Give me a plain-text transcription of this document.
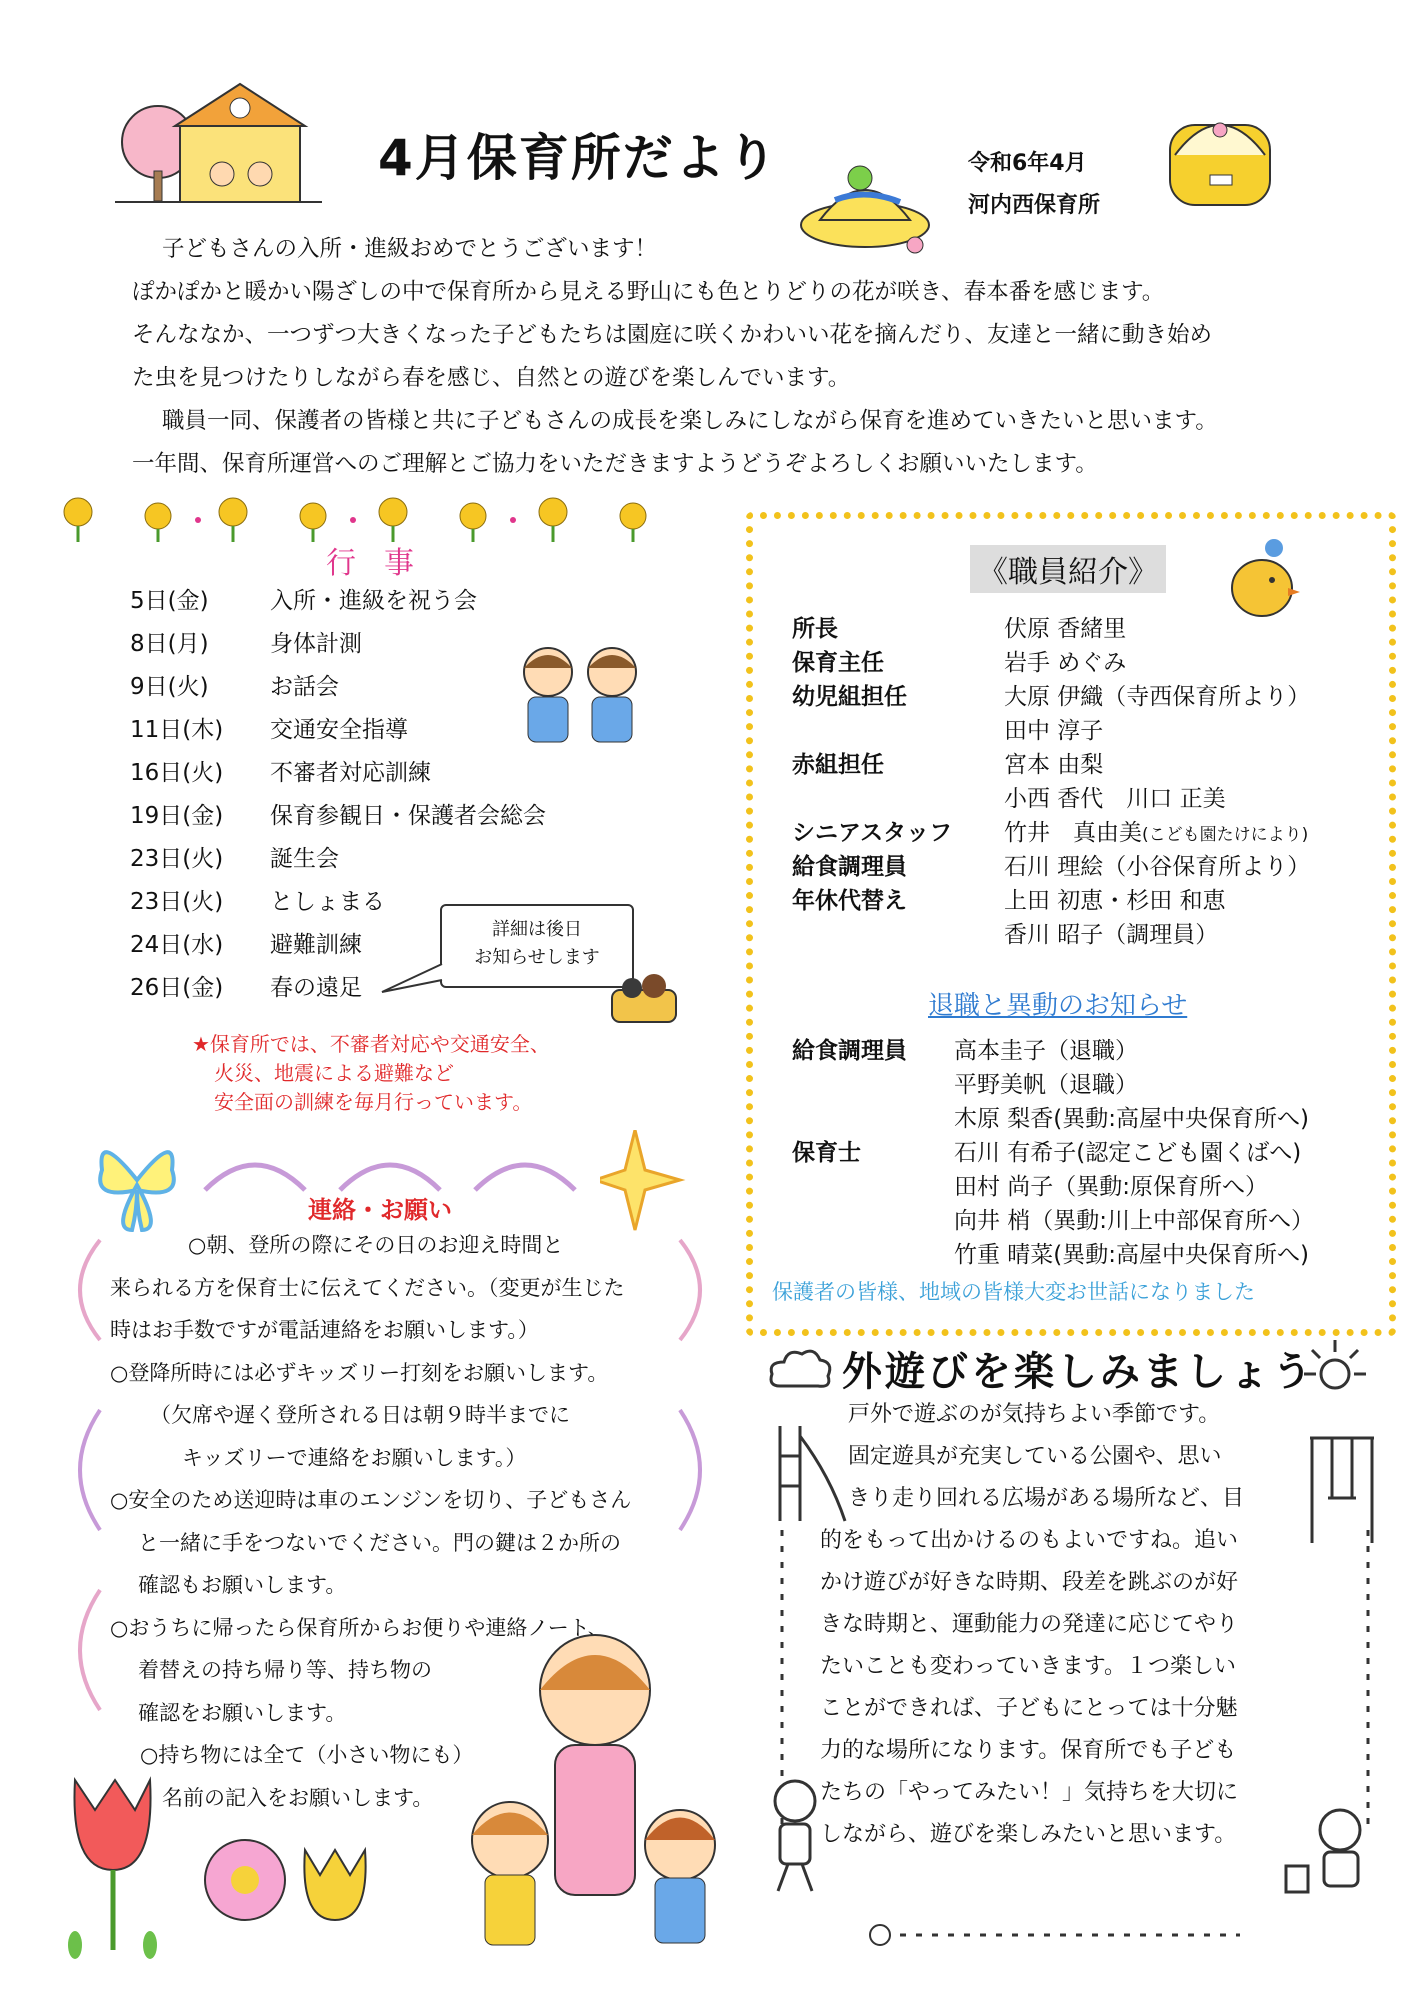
4月保育所だより	令和6年4月
河内西保育所

子どもさんの入所・進級おめでとうございます！

ぽかぽかと暖かい陽ざしの中で保育所から見える野山にも色とりどりの花が咲き、春本番を感じます。

そんななか、一つずつ大きくなった子どもたちは園庭に咲くかわいい花を摘んだり、友達と一緒に動き始め

た虫を見つけたりしながら春を感じ、自然との遊びを楽しんでいます。

職員一同、保護者の皆様と共に子どもさんの成長を楽しみにしながら保育を進めていきたいと思います。

一年間、保育所運営へのご理解とご協力をいただきますようどうぞよろしくお願いいたします。

行事
5日(金)	入所・進級を祝う会
8日(月)	身体計測
9日(火)	お話会
11日(木) 交通安全指導
16日(火) 不審者対応訓練
19日(金) 保育参観日・保護者会総会
23日(火) 誕生会
23日(火) としょまる
24日(水) 避難訓練
26日(金) 春の遠足
詳細は後日
お知らせします

★保育所では、不審者対応や交通安全、

火災、地震による避難など

安全面の訓練を毎月行っています。

《職員紹介》
所長	伏原 香緒里
保育主任	岩手 めぐみ
幼児組担任	大原 伊織（寺西保育所より）
田中 淳子
赤組担任	宮本 由梨
小西 香代　川口 正美
シニアスタッフ 竹井　真由美(こども園たけにより)
給食調理員	石川 理絵（小谷保育所より）
年休代替え	上田 初恵・杉田 和恵
香川 昭子（調理員）
退職と異動のお知らせ
給食調理員 高本圭子（退職）
平野美帆（退職）
木原 梨香(異動:高屋中央保育所へ)
保育士	石川 有希子(認定こども園くばへ)
田村 尚子（異動:原保育所へ）
向井 梢（異動:川上中部保育所へ）
竹重 晴菜(異動:高屋中央保育所へ)
保護者の皆様、地域の皆様大変お世話になりました
連絡・お願い

○朝、登所の際にその日のお迎え時間と

来られる方を保育士に伝えてください。（変更が生じた

時はお手数ですが電話連絡をお願いします。）

○登降所時には必ずキッズリー打刻をお願いします。

（欠席や遅く登所される日は朝９時半までに

キッズリーで連絡をお願いします。）

○安全のため送迎時は車のエンジンを切り、子どもさん

と一緒に手をつないでください。門の鍵は２か所の

確認もお願いします。

○おうちに帰ったら保育所からお便りや連絡ノート、

着替えの持ち帰り等、持ち物の

確認をお願いします。

○持ち物には全て（小さい物にも）

名前の記入をお願いします。

外遊びを楽しみましょう

戸外で遊ぶのが気持ちよい季節です。

固定遊具が充実している公園や、思い

きり走り回れる広場がある場所など、目

的をもって出かけるのもよいですね。追い

かけ遊びが好きな時期、段差を跳ぶのが好

きな時期と、運動能力の発達に応じてやり

たいことも変わっていきます。１つ楽しい

ことができれば、子どもにとっては十分魅

力的な場所になります。保育所でも子ども

たちの「やってみたい！」気持ちを大切に

しながら、遊びを楽しみたいと思います。
